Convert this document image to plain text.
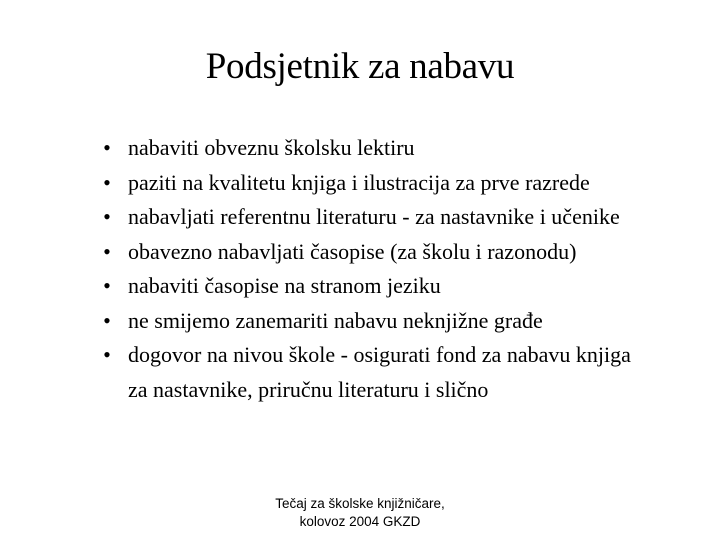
Podsjetnik za nabavu
• nabaviti obveznu školsku lektiru
• paziti na kvalitetu knjiga i ilustracija za prve razrede
• nabavljati referentnu literaturu - za nastavnike i učenike
• obavezno nabavljati časopise (za školu i razonodu)
• nabaviti časopise na stranom jeziku
• ne smijemo zanemariti nabavu neknjižne građe
• dogovor na nivou škole - osigurati fond za nabavu knjiga
za nastavnike, priručnu literaturu i slično
Tečaj za školske knjižničare,
kolovoz 2004 GKZD
